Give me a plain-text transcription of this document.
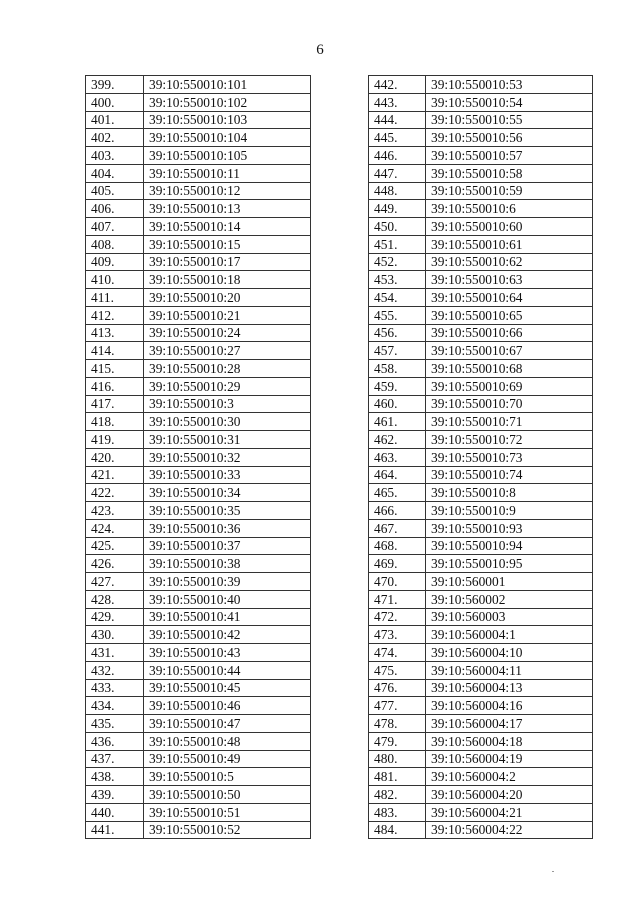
6
399.	39:10:550010:101
400.	39:10:550010:102
401.	39:10:550010:103
402.	39:10:550010:104
403.	39:10:550010:105
404.	39:10:550010:11
405.	39:10:550010:12
406.	39:10:550010:13
407.	39:10:550010:14
408.	39:10:550010:15
409.	39:10:550010:17
410.	39:10:550010:18
411.	39:10:550010:20
412.	39:10:550010:21
413.	39:10:550010:24
414.	39:10:550010:27
415.	39:10:550010:28
416.	39:10:550010:29
417.	39:10:550010:3
418.	39:10:550010:30
419.	39:10:550010:31
420.	39:10:550010:32
421.	39:10:550010:33
422.	39:10:550010:34
423.	39:10:550010:35
424.	39:10:550010:36
425.	39:10:550010:37
426.	39:10:550010:38
427.	39:10:550010:39
428.	39:10:550010:40
429.	39:10:550010:41
430.	39:10:550010:42
431.	39:10:550010:43
432.	39:10:550010:44
433.	39:10:550010:45
434.	39:10:550010:46
435.	39:10:550010:47
436.	39:10:550010:48
437.	39:10:550010:49
438.	39:10:550010:5
439.	39:10:550010:50
440.	39:10:550010:51
441.	39:10:550010:52
442.	39:10:550010:53
443.	39:10:550010:54
444.	39:10:550010:55
445.	39:10:550010:56
446.	39:10:550010:57
447.	39:10:550010:58
448.	39:10:550010:59
449.	39:10:550010:6
450.	39:10:550010:60
451.	39:10:550010:61
452.	39:10:550010:62
453.	39:10:550010:63
454.	39:10:550010:64
455.	39:10:550010:65
456.	39:10:550010:66
457.	39:10:550010:67
458.	39:10:550010:68
459.	39:10:550010:69
460.	39:10:550010:70
461.	39:10:550010:71
462.	39:10:550010:72
463.	39:10:550010:73
464.	39:10:550010:74
465.	39:10:550010:8
466.	39:10:550010:9
467.	39:10:550010:93
468.	39:10:550010:94
469.	39:10:550010:95
470.	39:10:560001
471.	39:10:560002
472.	39:10:560003
473.	39:10:560004:1
474.	39:10:560004:10
475.	39:10:560004:11
476.	39:10:560004:13
477.	39:10:560004:16
478.	39:10:560004:17
479.	39:10:560004:18
480.	39:10:560004:19
481.	39:10:560004:2
482.	39:10:560004:20
483.	39:10:560004:21
484.	39:10:560004:22
